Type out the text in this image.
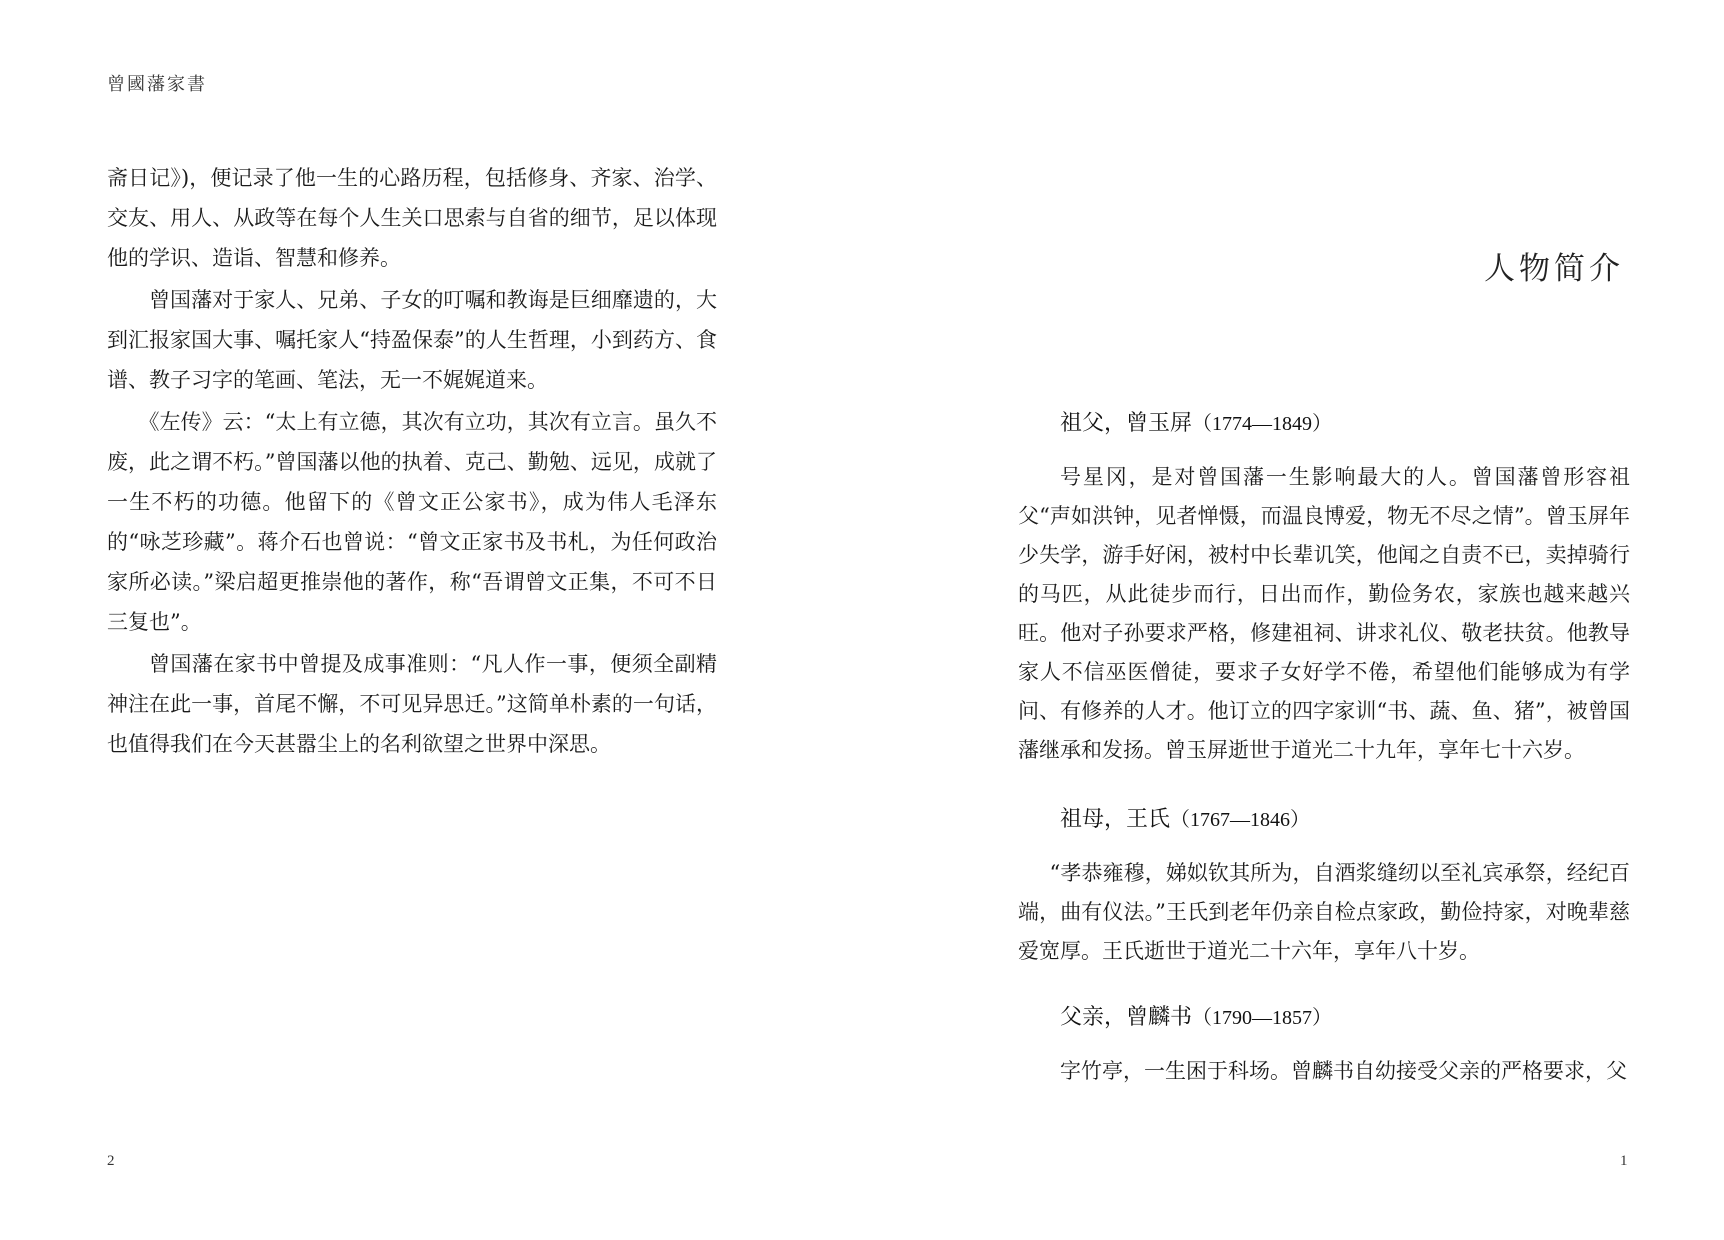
曾國藩家書

斋日记》)，便记录了他一生的心路历程，包括修身、齐家、治学、交友、用人、从政等在每个人生关口思索与自省的细节，足以体现他的学识、造诣、智慧和修养。

曾国藩对于家人、兄弟、子女的叮嘱和教诲是巨细靡遗的，大到汇报家国大事、嘱托家人“持盈保泰”的人生哲理，小到药方、食谱、教子习字的笔画、笔法，无一不娓娓道来。

《左传》云：“太上有立德，其次有立功，其次有立言。虽久不废，此之谓不朽。”曾国藩以他的执着、克己、勤勉、远见，成就了一生不朽的功德。他留下的《曾文正公家书》，成为伟人毛泽东的“咏芝珍藏”。蒋介石也曾说：“曾文正家书及书札，为任何政治家所必读。”梁启超更推崇他的著作，称“吾谓曾文正集，不可不日三复也”。

曾国藩在家书中曾提及成事准则：“凡人作一事，便须全副精神注在此一事，首尾不懈，不可见异思迁。”这简单朴素的一句话，也值得我们在今天甚嚣尘上的名利欲望之世界中深思。

2
人物简介
祖父，曾玉屏（1774—1849）

号星冈，是对曾国藩一生影响最大的人。曾国藩曾形容祖父“声如洪钟，见者惮慑，而温良博爱，物无不尽之情”。曾玉屏年少失学，游手好闲，被村中长辈讥笑，他闻之自责不已，卖掉骑行的马匹，从此徒步而行，日出而作，勤俭务农，家族也越来越兴旺。他对子孙要求严格，修建祖祠、讲求礼仪、敬老扶贫。他教导家人不信巫医僧徒，要求子女好学不倦，希望他们能够成为有学问、有修养的人才。他订立的四字家训“书、蔬、鱼、猪”，被曾国藩继承和发扬。曾玉屏逝世于道光二十九年，享年七十六岁。

祖母，王氏（1767—1846）

“孝恭雍穆，娣姒钦其所为，自酒浆缝纫以至礼宾承祭，经纪百端，曲有仪法。”王氏到老年仍亲自检点家政，勤俭持家，对晚辈慈爱宽厚。王氏逝世于道光二十六年，享年八十岁。

父亲，曾麟书（1790—1857）

字竹亭，一生困于科场。曾麟书自幼接受父亲的严格要求，父

1
